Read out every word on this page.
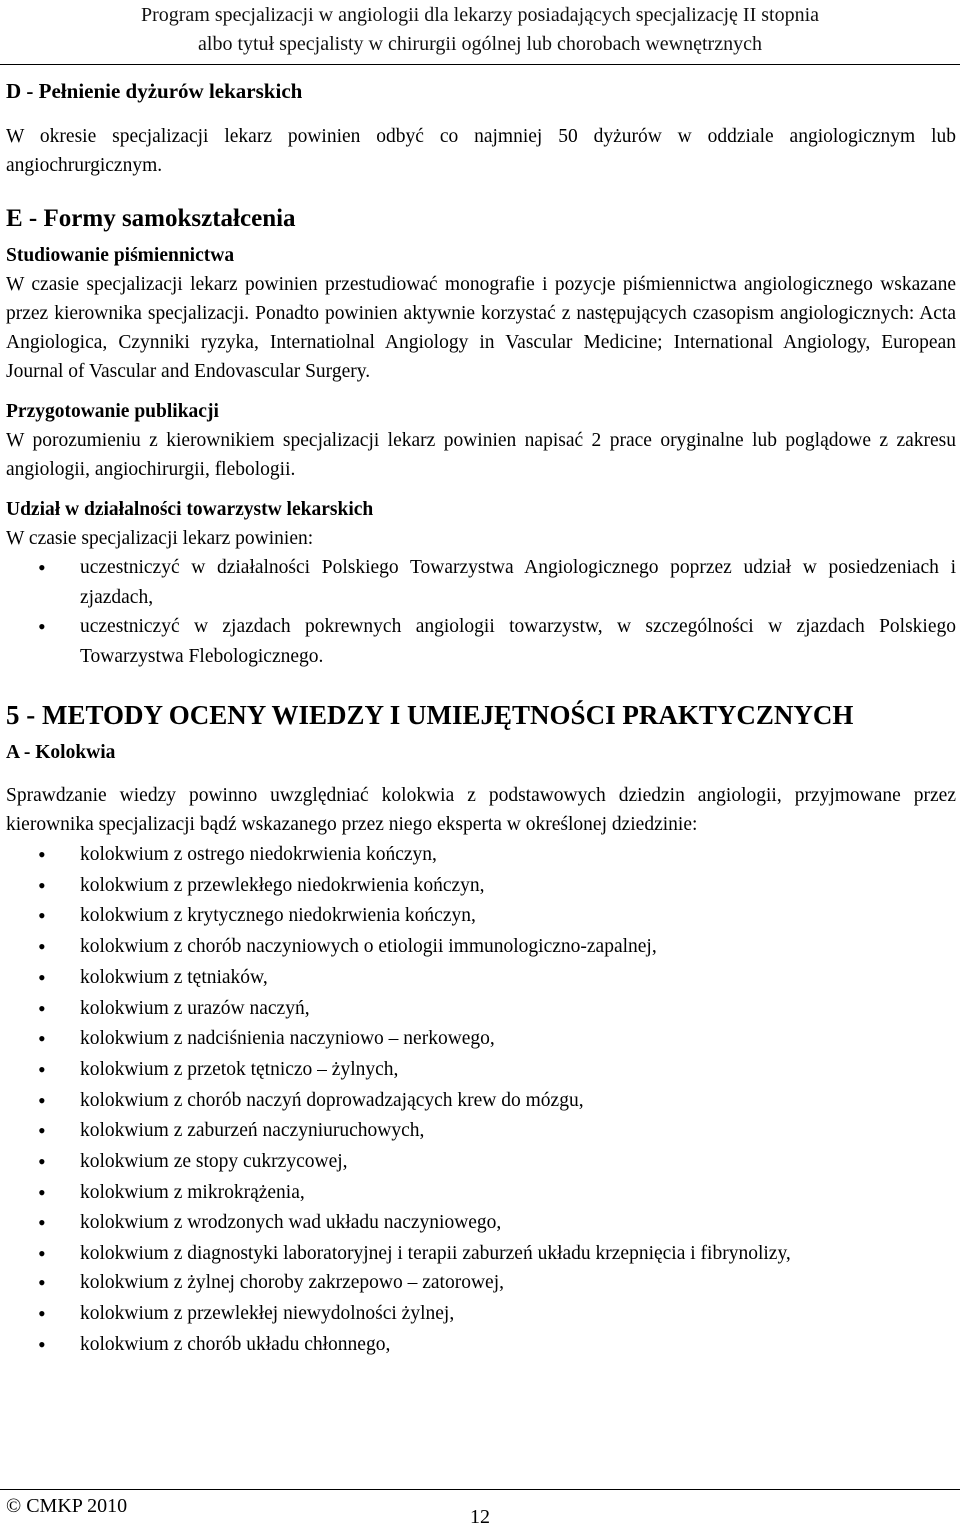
Program specjalizacji w angiologii dla lekarzy posiadających specjalizację II stopnia
albo tytuł specjalisty w chirurgii ogólnej lub chorobach wewnętrznych
D - Pełnienie dyżurów lekarskich

W okresie specjalizacji lekarz powinien odbyć co najmniej 50 dyżurów w oddziale angiologicznym lub angiochrurgicznym.

E - Formy samokształcenia
Studiowanie piśmiennictwa

W czasie specjalizacji lekarz powinien przestudiować monografie i pozycje piśmiennictwa angiologicznego wskazane przez kierownika specjalizacji. Ponadto powinien aktywnie korzystać z następujących czasopism angiologicznych: Acta Angiologica, Czynniki ryzyka, Internatiolnal Angiology in Vascular Medicine; International Angiology, European Journal of Vascular and Endovascular Surgery.

Przygotowanie publikacji

W porozumieniu z kierownikiem specjalizacji lekarz powinien napisać 2 prace oryginalne lub poglądowe z zakresu angiologii, angiochirurgii, flebologii.

Udział w działalności towarzystw lekarskich

W czasie specjalizacji lekarz powinien:

• uczestniczyć w działalności Polskiego Towarzystwa Angiologicznego poprzez udział w posiedzeniach i zjazdach,
• uczestniczyć w zjazdach pokrewnych angiologii towarzystw, w szczególności w zjazdach Polskiego Towarzystwa Flebologicznego.
5 - METODY OCENY WIEDZY I UMIEJĘTNOŚCI PRAKTYCZNYCH
A - Kolokwia

Sprawdzanie wiedzy powinno uwzględniać kolokwia z podstawowych dziedzin angiologii, przyjmowane przez kierownika specjalizacji bądź wskazanego przez niego eksperta w określonej dziedzinie:

• kolokwium z ostrego niedokrwienia kończyn,
• kolokwium z przewlekłego niedokrwienia kończyn,
• kolokwium z krytycznego niedokrwienia kończyn,
• kolokwium z chorób naczyniowych o etiologii immunologiczno-zapalnej,
• kolokwium z tętniaków,
• kolokwium z urazów naczyń,
• kolokwium z nadciśnienia naczyniowo – nerkowego,
• kolokwium z przetok tętniczo – żylnych,
• kolokwium z chorób naczyń doprowadzających krew do mózgu,
• kolokwium z zaburzeń naczyniuruchowych,
• kolokwium ze stopy cukrzycowej,
• kolokwium z mikrokrążenia,
• kolokwium z wrodzonych wad układu naczyniowego,
• kolokwium z diagnostyki laboratoryjnej i terapii zaburzeń układu krzepnięcia i fibrynolizy,
• kolokwium z żylnej choroby zakrzepowo – zatorowej,
• kolokwium z przewlekłej niewydolności żylnej,
• kolokwium z chorób układu chłonnego,
© CMKP 2010	12
